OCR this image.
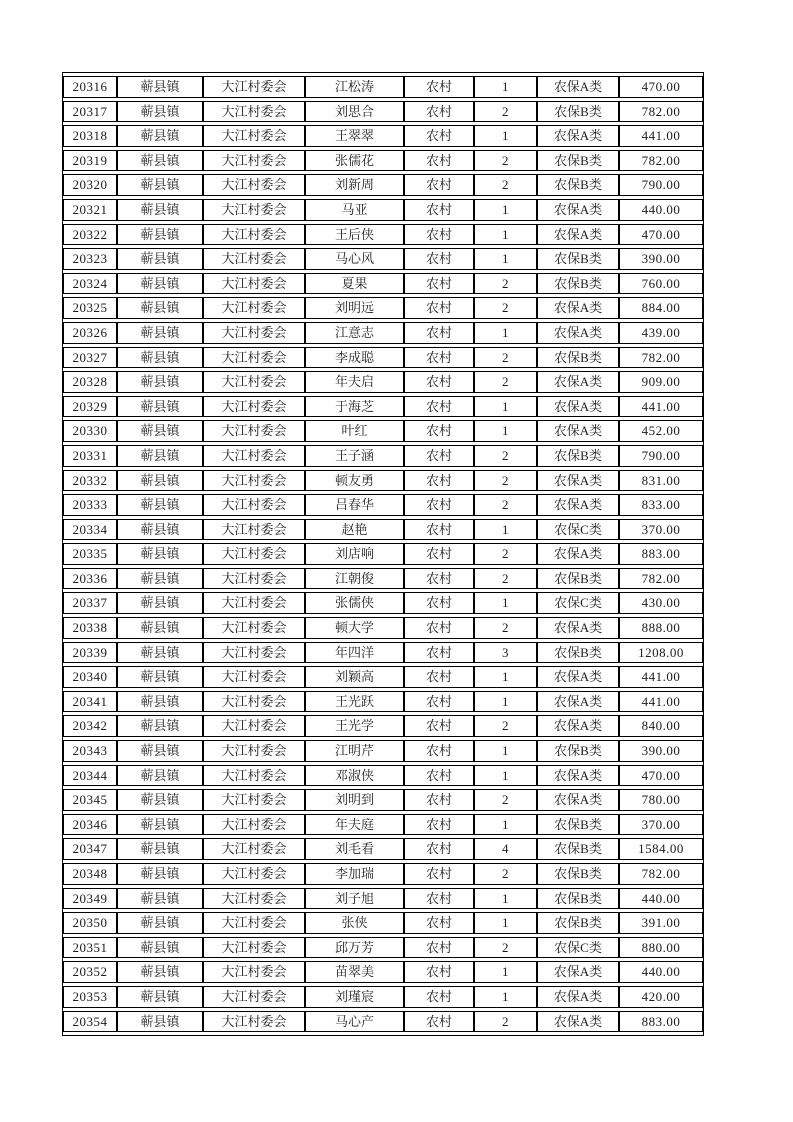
20316	蕲县镇	大江村委会	江松涛	农村	1	农保A类	470.00
20317	蕲县镇	大江村委会	刘思合	农村	2	农保B类	782.00
20318	蕲县镇	大江村委会	王翠翠	农村	1	农保A类	441.00
20319	蕲县镇	大江村委会	张儒花	农村	2	农保B类	782.00
20320	蕲县镇	大江村委会	刘新周	农村	2	农保B类	790.00
20321	蕲县镇	大江村委会	马亚	农村	1	农保A类	440.00
20322	蕲县镇	大江村委会	王后侠	农村	1	农保A类	470.00
20323	蕲县镇	大江村委会	马心风	农村	1	农保B类	390.00
20324	蕲县镇	大江村委会	夏果	农村	2	农保B类	760.00
20325	蕲县镇	大江村委会	刘明远	农村	2	农保A类	884.00
20326	蕲县镇	大江村委会	江意志	农村	1	农保A类	439.00
20327	蕲县镇	大江村委会	李成聪	农村	2	农保B类	782.00
20328	蕲县镇	大江村委会	年夫启	农村	2	农保A类	909.00
20329	蕲县镇	大江村委会	于海芝	农村	1	农保A类	441.00
20330	蕲县镇	大江村委会	叶红	农村	1	农保A类	452.00
20331	蕲县镇	大江村委会	王子涵	农村	2	农保B类	790.00
20332	蕲县镇	大江村委会	顿友勇	农村	2	农保A类	831.00
20333	蕲县镇	大江村委会	吕春华	农村	2	农保A类	833.00
20334	蕲县镇	大江村委会	赵艳	农村	1	农保C类	370.00
20335	蕲县镇	大江村委会	刘店响	农村	2	农保A类	883.00
20336	蕲县镇	大江村委会	江朝俊	农村	2	农保B类	782.00
20337	蕲县镇	大江村委会	张儒侠	农村	1	农保C类	430.00
20338	蕲县镇	大江村委会	顿大学	农村	2	农保A类	888.00
20339	蕲县镇	大江村委会	年四洋	农村	3	农保B类	1208.00
20340	蕲县镇	大江村委会	刘颖高	农村	1	农保A类	441.00
20341	蕲县镇	大江村委会	王光跃	农村	1	农保A类	441.00
20342	蕲县镇	大江村委会	王光学	农村	2	农保A类	840.00
20343	蕲县镇	大江村委会	江明芹	农村	1	农保B类	390.00
20344	蕲县镇	大江村委会	邓淑侠	农村	1	农保A类	470.00
20345	蕲县镇	大江村委会	刘明到	农村	2	农保A类	780.00
20346	蕲县镇	大江村委会	年夫庭	农村	1	农保B类	370.00
20347	蕲县镇	大江村委会	刘毛看	农村	4	农保B类	1584.00
20348	蕲县镇	大江村委会	李加瑞	农村	2	农保B类	782.00
20349	蕲县镇	大江村委会	刘子旭	农村	1	农保B类	440.00
20350	蕲县镇	大江村委会	张侠	农村	1	农保B类	391.00
20351	蕲县镇	大江村委会	邱万芳	农村	2	农保C类	880.00
20352	蕲县镇	大江村委会	苗翠美	农村	1	农保A类	440.00
20353	蕲县镇	大江村委会	刘瑾宸	农村	1	农保A类	420.00
20354	蕲县镇	大江村委会	马心产	农村	2	农保A类	883.00
